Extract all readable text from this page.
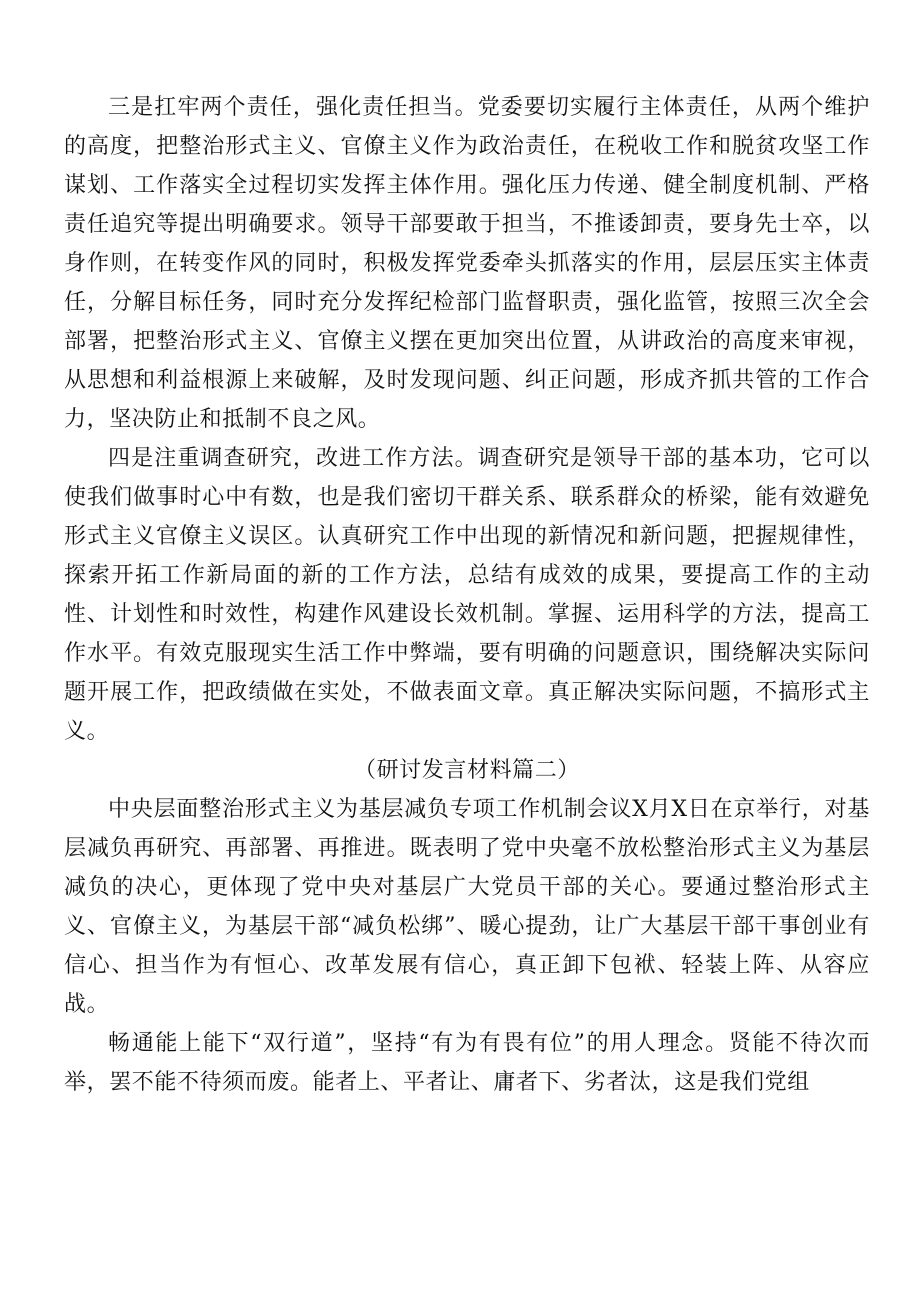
三是扛牢两个责任，强化责任担当。党委要切实履行主体责任，从两个维护的高度，把整治形式主义、官僚主义作为政治责任，在税收工作和脱贫攻坚工作谋划、工作落实全过程切实发挥主体作用。强化压力传递、健全制度机制、严格责任追究等提出明确要求。领导干部要敢于担当，不推诿卸责，要身先士卒，以身作则，在转变作风的同时，积极发挥党委牵头抓落实的作用，层层压实主体责任，分解目标任务，同时充分发挥纪检部门监督职责，强化监管，按照三次全会部署，把整治形式主义、官僚主义摆在更加突出位置，从讲政治的高度来审视，从思想和利益根源上来破解，及时发现问题、纠正问题，形成齐抓共管的工作合力，坚决防止和抵制不良之风。

四是注重调查研究，改进工作方法。调查研究是领导干部的基本功，它可以使我们做事时心中有数，也是我们密切干群关系、联系群众的桥梁，能有效避免形式主义官僚主义误区。认真研究工作中出现的新情况和新问题，把握规律性，探索开拓工作新局面的新的工作方法，总结有成效的成果，要提高工作的主动性、计划性和时效性，构建作风建设长效机制。掌握、运用科学的方法，提高工作水平。有效克服现实生活工作中弊端，要有明确的问题意识，围绕解决实际问题开展工作，把政绩做在实处，不做表面文章。真正解决实际问题，不搞形式主义。

（研讨发言材料篇二）

中央层面整治形式主义为基层减负专项工作机制会议X月X日在京举行，对基层减负再研究、再部署、再推进。既表明了党中央毫不放松整治形式主义为基层减负的决心，更体现了党中央对基层广大党员干部的关心。要通过整治形式主义、官僚主义，为基层干部“减负松绑”、暖心提劲，让广大基层干部干事创业有信心、担当作为有恒心、改革发展有信心，真正卸下包袱、轻装上阵、从容应战。

畅通能上能下“双行道”，坚持“有为有畏有位”的用人理念。贤能不待次而举，罢不能不待须而废。能者上、平者让、庸者下、劣者汰，这是我们党组
